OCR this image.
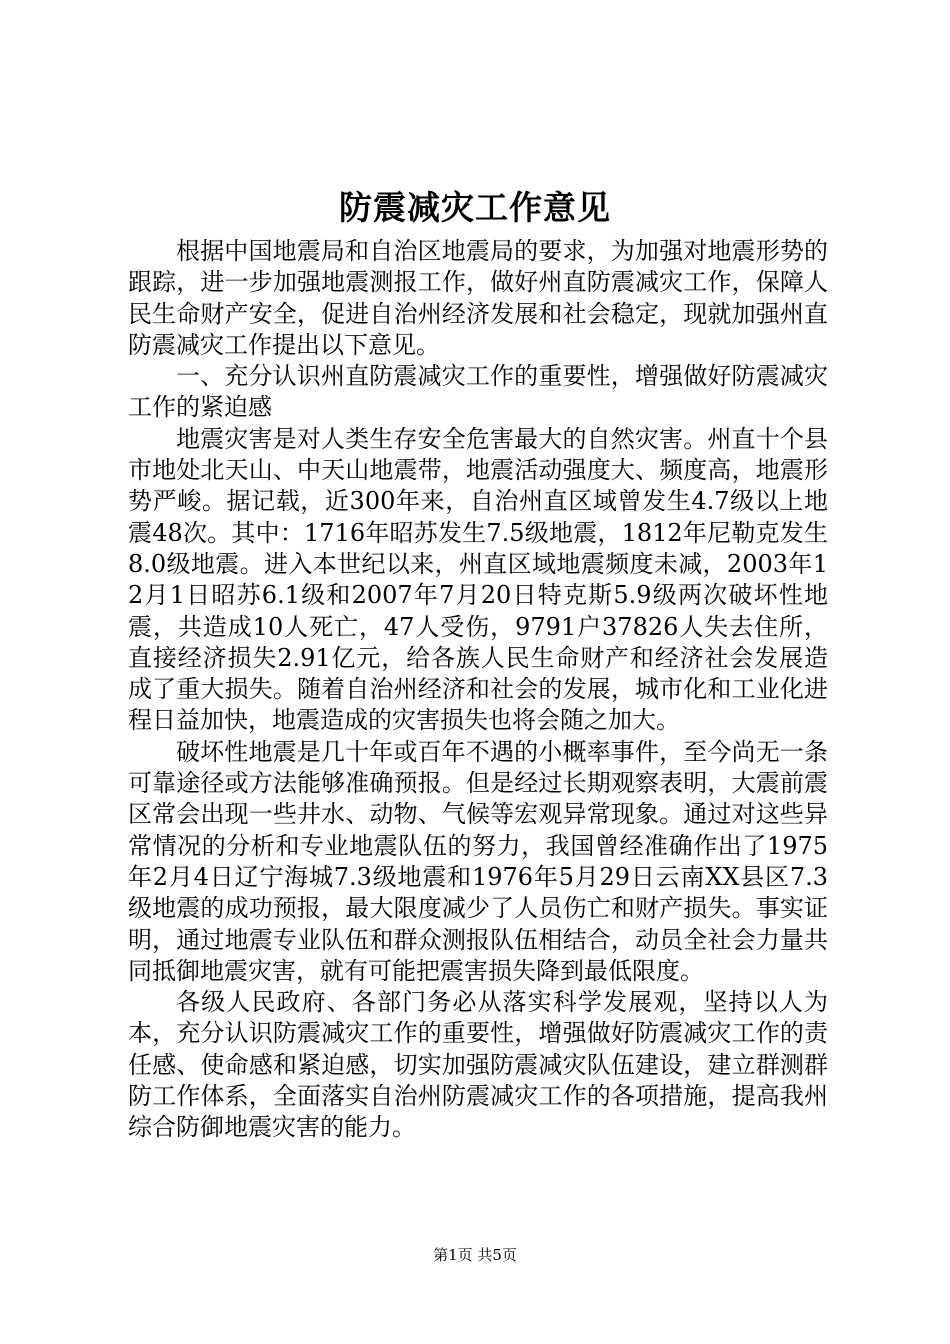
防震减灾工作意见

根据中国地震局和自治区地震局的要求，为加强对地震形势的跟踪，进一步加强地震测报工作，做好州直防震减灾工作，保障人民生命财产安全，促进自治州经济发展和社会稳定，现就加强州直防震减灾工作提出以下意见。

一、充分认识州直防震减灾工作的重要性，增强做好防震减灾工作的紧迫感

地震灾害是对人类生存安全危害最大的自然灾害。州直十个县市地处北天山、中天山地震带，地震活动强度大、频度高，地震形势严峻。据记载，近300年来，自治州直区域曾发生4.7级以上地震48次。其中：1716年昭苏发生7.5级地震，1812年尼勒克发生8.0级地震。进入本世纪以来，州直区域地震频度未减，2003年12月1日昭苏6.1级和2007年7月20日特克斯5.9级两次破坏性地震，共造成10人死亡，47人受伤，9791户37826人失去住所，直接经济损失2.91亿元，给各族人民生命财产和经济社会发展造成了重大损失。随着自治州经济和社会的发展，城市化和工业化进程日益加快，地震造成的灾害损失也将会随之加大。

破坏性地震是几十年或百年不遇的小概率事件，至今尚无一条可靠途径或方法能够准确预报。但是经过长期观察表明，大震前震区常会出现一些井水、动物、气候等宏观异常现象。通过对这些异常情况的分析和专业地震队伍的努力，我国曾经准确作出了1975年2月4日辽宁海城7.3级地震和1976年5月29日云南XX县区7.3级地震的成功预报，最大限度减少了人员伤亡和财产损失。事实证明，通过地震专业队伍和群众测报队伍相结合，动员全社会力量共同抵御地震灾害，就有可能把震害损失降到最低限度。

各级人民政府、各部门务必从落实科学发展观，坚持以人为本，充分认识防震减灾工作的重要性，增强做好防震减灾工作的责任感、使命感和紧迫感，切实加强防震减灾队伍建设，建立群测群防工作体系，全面落实自治州防震减灾工作的各项措施，提高我州综合防御地震灾害的能力。

第1页 共5页
